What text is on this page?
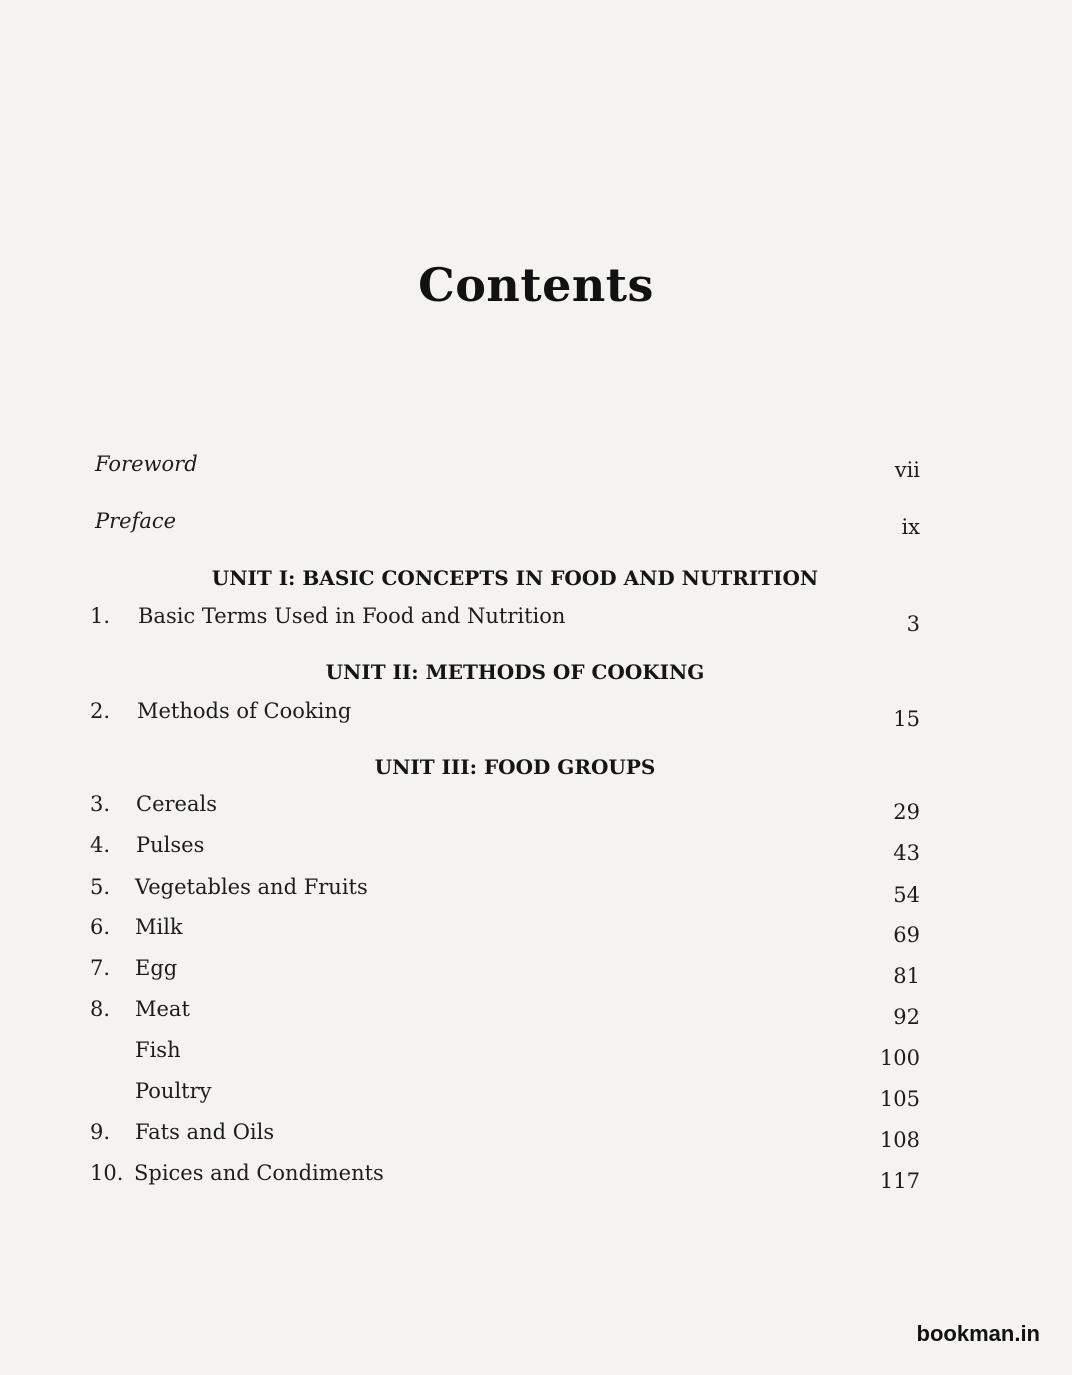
Contents
Foreword	vii
Preface	ix
UNIT I: BASIC CONCEPTS IN FOOD AND NUTRITION
1. Basic Terms Used in Food and Nutrition	3
UNIT II: METHODS OF COOKING
2. Methods of Cooking	15
UNIT III: FOOD GROUPS
3. Cereals	29
4. Pulses	43
5. Vegetables and Fruits	54
6. Milk	69
7. Egg	81
8. Meat	92
Fish	100
Poultry	105
9. Fats and Oils	108
10. Spices and Condiments	117
bookman.in
